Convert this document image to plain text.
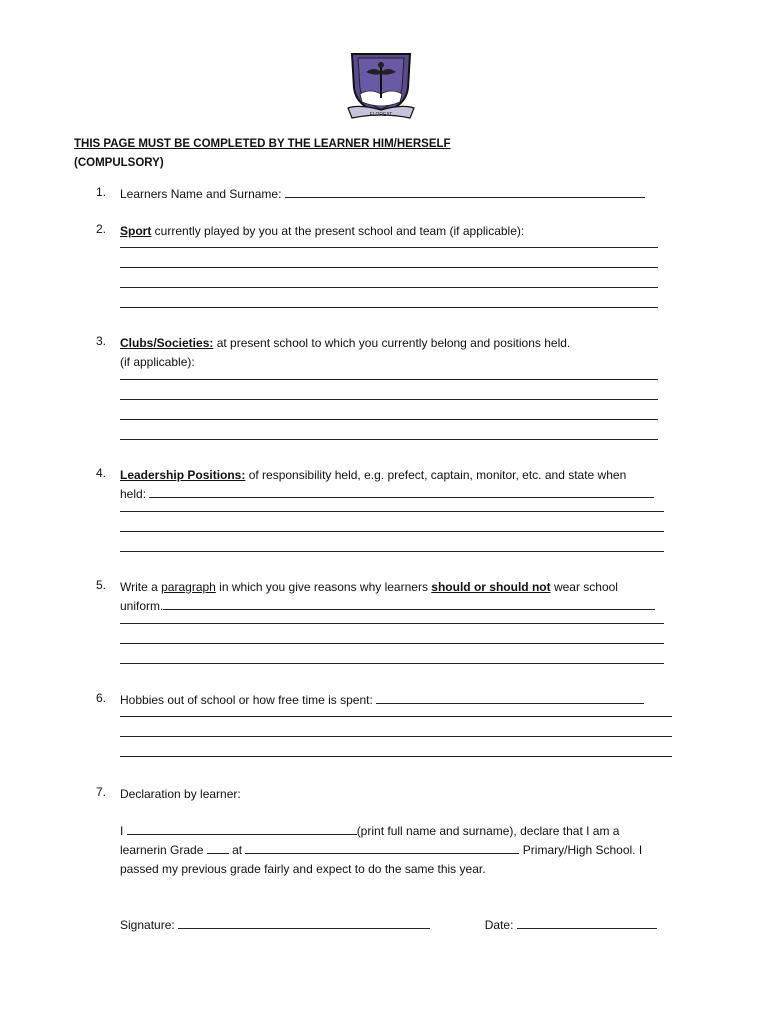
FLOREAT
THIS PAGE MUST BE COMPLETED BY THE LEARNER HIM/HERSELF
(COMPULSORY)
1.	Learners Name and Surname:
2.	Sport currently played by you at the present school and team (if applicable):
3.	Clubs/Societies: at present school to which you currently belong and positions held.
(if applicable):
4.	Leadership Positions: of responsibility held, e.g. prefect, captain, monitor, etc. and state when
held:
5.	Write a paragraph in which you give reasons why learners should or should not wear school
uniform.
6.	Hobbies out of school or how free time is spent:
7.	Declaration by learner:
I	(print full name and surname), declare that I am a
learnerin Grade at	Primary/High School. I
passed my previous grade fairly and expect to do the same this year.
Signature:	Date:
